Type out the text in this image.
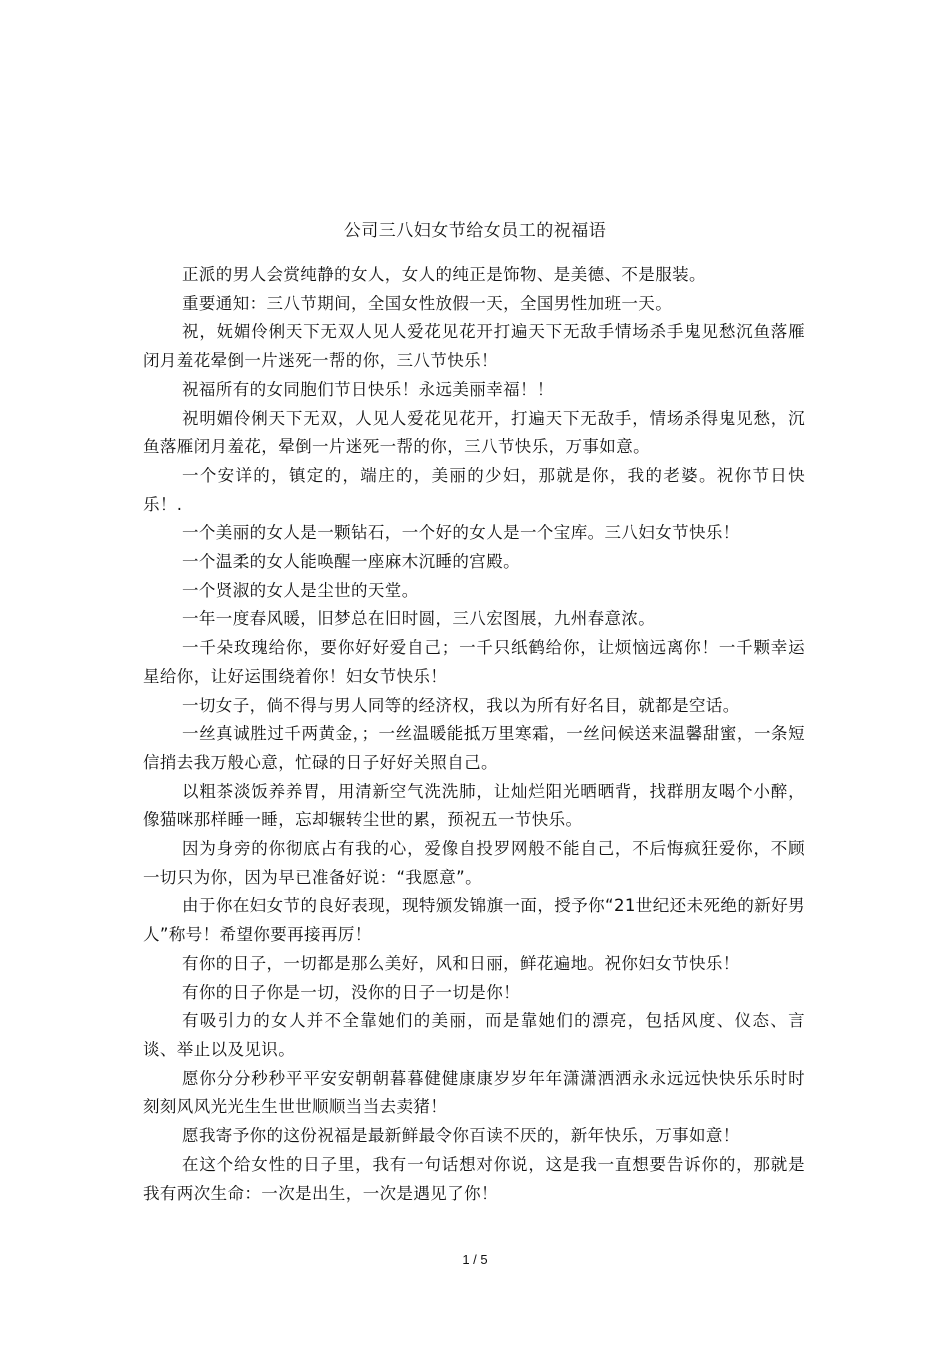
公司三八妇女节给女员工的祝福语

正派的男人会赏纯静的女人，女人的纯正是饰物、是美德、不是服装。

重要通知：三八节期间，全国女性放假一天，全国男性加班一天。

祝，妩媚伶俐天下无双人见人爱花见花开打遍天下无敌手情场杀手鬼见愁沉鱼落雁闭月羞花晕倒一片迷死一帮的你，三八节快乐！

祝福所有的女同胞们节日快乐！永远美丽幸福！！

祝明媚伶俐天下无双，人见人爱花见花开，打遍天下无敌手，情场杀得鬼见愁，沉鱼落雁闭月羞花，晕倒一片迷死一帮的你，三八节快乐，万事如意。

一个安详的，镇定的，端庄的，美丽的少妇，那就是你，我的老婆。祝你节日快乐！.

一个美丽的女人是一颗钻石，一个好的女人是一个宝库。三八妇女节快乐！

一个温柔的女人能唤醒一座麻木沉睡的宫殿。

一个贤淑的女人是尘世的天堂。

一年一度春风暖，旧梦总在旧时圆，三八宏图展，九州春意浓。

一千朵玫瑰给你，要你好好爱自己；一千只纸鹤给你，让烦恼远离你！一千颗幸运星给你，让好运围绕着你！妇女节快乐！

一切女子，倘不得与男人同等的经济权，我以为所有好名目，就都是空话。

一丝真诚胜过千两黄金，；一丝温暖能抵万里寒霜，一丝问候送来温馨甜蜜，一条短信捎去我万般心意，忙碌的日子好好关照自己。

以粗茶淡饭养养胃，用清新空气洗洗肺，让灿烂阳光晒晒背，找群朋友喝个小醉，像猫咪那样睡一睡，忘却辗转尘世的累，预祝五一节快乐。

因为身旁的你彻底占有我的心，爱像自投罗网般不能自己，不后悔疯狂爱你，不顾一切只为你，因为早已准备好说：“我愿意”。

由于你在妇女节的良好表现，现特颁发锦旗一面，授予你“21世纪还未死绝的新好男人”称号！希望你要再接再厉！

有你的日子，一切都是那么美好，风和日丽，鲜花遍地。祝你妇女节快乐！

有你的日子你是一切，没你的日子一切是你！

有吸引力的女人并不全靠她们的美丽，而是靠她们的漂亮，包括风度、仪态、言谈、举止以及见识。

愿你分分秒秒平平安安朝朝暮暮健健康康岁岁年年潇潇洒洒永永远远快快乐乐时时刻刻风风光光生生世世顺顺当当去卖猪！

愿我寄予你的这份祝福是最新鲜最令你百读不厌的，新年快乐，万事如意！

在这个给女性的日子里，我有一句话想对你说，这是我一直想要告诉你的，那就是我有两次生命：一次是出生，一次是遇见了你！

1 / 5
